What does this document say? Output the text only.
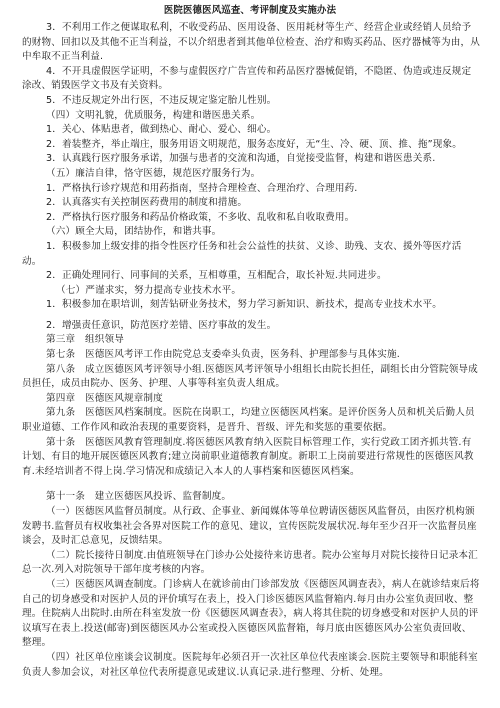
医院医德医风巡查、考评制度及实施办法

3．不利用工作之便谋取私利，不收受药品、医用设备、医用耗材等生产、经营企业或经销人员给予的财物、回扣以及其他不正当利益，不以介绍患者到其他单位检查、治疗和购买药品、医疗器械等为由，从中牟取不正当利益.

4．不开具虚假医学证明，不参与虚假医疗广告宣传和药品医疗器械促销，不隐匿、伪造或违反规定涂改、销毁医学文书及有关资料。

5．不违反规定外出行医，不违反规定鉴定胎儿性别。

（四）文明礼貌，优质服务，构建和谐医患关系。

1．关心、体贴患者，做到热心、耐心、爱心、细心。

2．着装整齐，举止端庄，服务用语文明规范，服务态度好，无“生、冷、硬、顶、推、拖”现象。

3．认真践行医疗服务承诺，加强与患者的交流和沟通，自觉接受监督，构建和谐医患关系.

（五）廉洁自律，恪守医德，规范医疗服务行为。

1．严格执行诊疗规范和用药指南，坚持合理检查、合理治疗、合理用药.

2．认真落实有关控制医药费用的制度和措施。

2．严格执行医疗服务和药品价格政策，不多收、乱收和私自收取费用。

（六）顾全大局，团结协作，和谐共事。

1．积极参加上级安排的指令性医疗任务和社会公益性的扶贫、义诊、助残、支农、援外等医疗活动。

2．正确处理同行、同事间的关系，互相尊重，互相配合，取长补短.共同进步。

（七）严谨求实，努力提高专业技术水平。

1．积极参加在职培训，刻苦钻研业务技术，努力学习新知识、新技术，提高专业技术水平。

2．增强责任意识，防范医疗差错、医疗事故的发生。

第三章　组织领导

第七条　医德医风考评工作由院党总支委牵头负责，医务科、护理部参与具体实施.

第八条　成立医德医风考评领导小组.医德医风考评领导小组组长由院长担任，副组长由分管院领导成员担任，成员由院办、医务、护理、人事等科室负责人组成。

第四章　医德医风规章制度

第九条　医德医风档案制度。医院在岗职工，均建立医德医风档案。是评价医务人员和机关后勤人员职业道德、工作作风和政治表现的重要资料，是晋升、晋级、评先和奖惩的重要依据。

第十条　医德医风教育管理制度.将医德医风教育纳入医院目标管理工作，实行党政工团齐抓共管.有计划、有目的地开展医德医风教育;建立岗前职业道德教育制度。新职工上岗前要进行常规性的医德医风教育.未经培训者不得上岗.学习情况和成绩记入本人的人事档案和医德医风档案。

第十一条　建立医德医风投诉、监督制度。

（一）医德医风监督员制度。从行政、企事业、新闻媒体等单位聘请医德医风监督员，由医疗机构颁发聘书.监督员有权收集社会各界对医院工作的意见、建议，宣传医院发展状况.每年至少召开一次监督员座谈会，及时汇总意见，反馈结果。

（二）院长接待日制度.由值班领导在门诊办公处接待来访患者。院办公室每月对院长接待日记录本汇总一次.列入对院领导干部年度考核的内容。

（三）医德医风调查制度。门诊病人在就诊前由门诊部发放《医德医风调查表》，病人在就诊结束后将自己的切身感受和对医护人员的评价填写在表上，投入门诊医德医风监督箱内.每月由办公室负责回收、整理。住院病人出院时.由所在科室发放一份《医德医风调查表》，病人将其住院的切身感受和对医护人员的评议填写在表上.投送(邮寄)到医德医风办公室或投入医德医风监督箱，每月底由医德医风办公室负责回收、整理。

（四）社区单位座谈会议制度。医院每年必须召开一次社区单位代表座谈会.医院主要领导和职能科室负责人参加会议，对社区单位代表所提意见或建议.认真记录.进行整理、分析、处理。
